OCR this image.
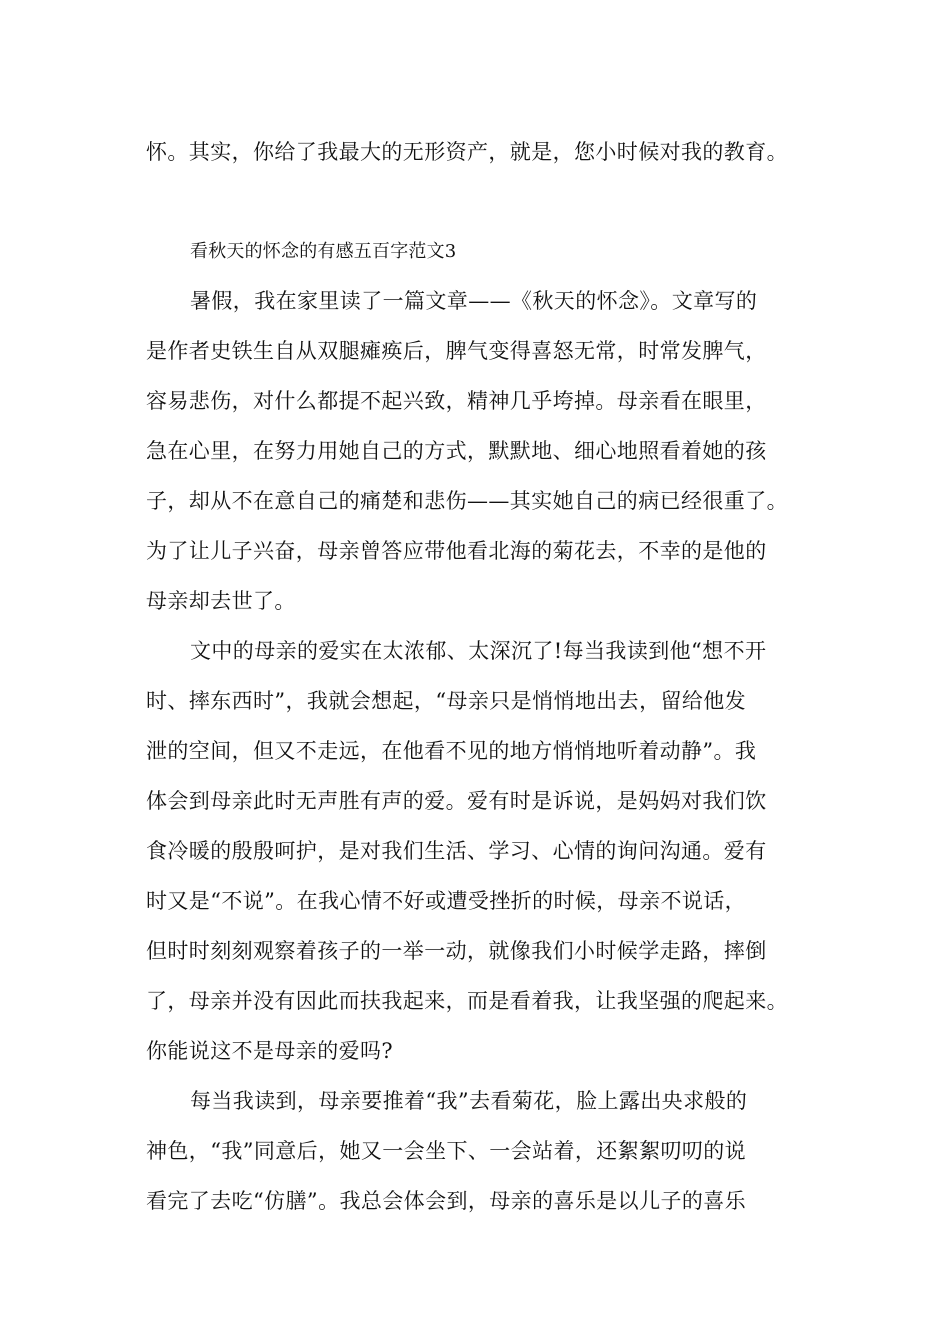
怀。其实，你给了我最大的无形资产，就是，您小时候对我的教育。
看秋天的怀念的有感五百字范文3
暑假，我在家里读了一篇文章——《秋天的怀念》。文章写的
是作者史铁生自从双腿瘫痪后，脾气变得喜怒无常，时常发脾气，
容易悲伤，对什么都提不起兴致，精神几乎垮掉。母亲看在眼里，
急在心里，在努力用她自己的方式，默默地、细心地照看着她的孩
子，却从不在意自己的痛楚和悲伤——其实她自己的病已经很重了。
为了让儿子兴奋，母亲曾答应带他看北海的菊花去，不幸的是他的
母亲却去世了。
文中的母亲的爱实在太浓郁、太深沉了!每当我读到他“想不开
时、摔东西时”，我就会想起，“母亲只是悄悄地出去，留给他发
泄的空间，但又不走远，在他看不见的地方悄悄地听着动静”。我
体会到母亲此时无声胜有声的爱。爱有时是诉说，是妈妈对我们饮
食冷暖的殷殷呵护，是对我们生活、学习、心情的询问沟通。爱有
时又是“不说”。在我心情不好或遭受挫折的时候，母亲不说话，
但时时刻刻观察着孩子的一举一动，就像我们小时候学走路，摔倒
了，母亲并没有因此而扶我起来，而是看着我，让我坚强的爬起来。
你能说这不是母亲的爱吗?
每当我读到，母亲要推着“我”去看菊花，脸上露出央求般的
神色，“我”同意后，她又一会坐下、一会站着，还絮絮叨叨的说
看完了去吃“仿膳”。我总会体会到，母亲的喜乐是以儿子的喜乐
